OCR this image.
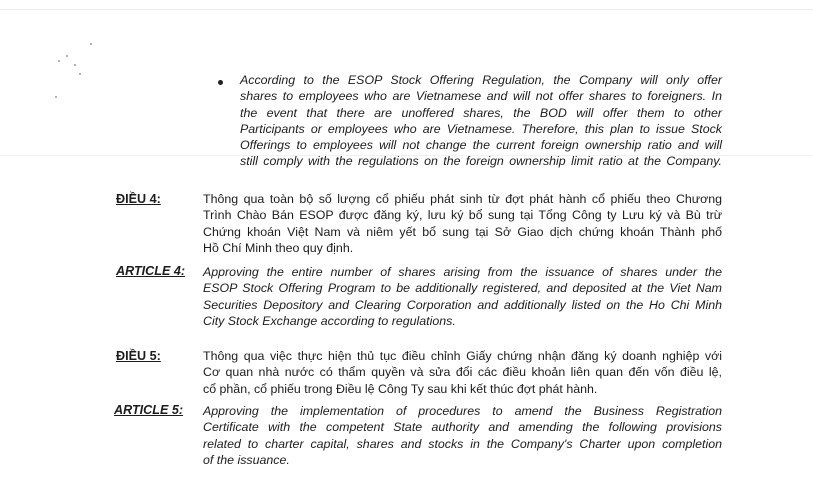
According to the ESOP Stock Offering Regulation, the Company will only offer
shares to employees who are Vietnamese and will not offer shares to foreigners. In
the event that there are unoffered shares, the BOD will offer them to other
Participants or employees who are Vietnamese. Therefore, this plan to issue Stock
Offerings to employees will not change the current foreign ownership ratio and will
still comply with the regulations on the foreign ownership limit ratio at the Company.
ĐIỀU 4:	Thông qua toàn bộ số lượng cổ phiếu phát sinh từ đợt phát hành cổ phiếu theo Chương
Trình Chào Bán ESOP được đăng ký, lưu ký bổ sung tại Tổng Công ty Lưu ký và Bù trừ
Chứng khoán Việt Nam và niêm yết bổ sung tại Sở Giao dịch chứng khoán Thành phố
Hồ Chí Minh theo quy định.
ARTICLE 4: Approving the entire number of shares arising from the issuance of shares under the
ESOP Stock Offering Program to be additionally registered, and deposited at the Viet Nam
Securities Depository and Clearing Corporation and additionally listed on the Ho Chi Minh
City Stock Exchange according to regulations.
ĐIỀU 5:	Thông qua việc thực hiện thủ tục điều chỉnh Giấy chứng nhận đăng ký doanh nghiệp với
Cơ quan nhà nước có thẩm quyền và sửa đổi các điều khoản liên quan đến vốn điều lệ,
cổ phần, cổ phiếu trong Điều lệ Công Ty sau khi kết thúc đợt phát hành.
ARTICLE 5: Approving the implementation of procedures to amend the Business Registration
Certificate with the competent State authority and amending the following provisions
related to charter capital, shares and stocks in the Company's Charter upon completion
of the issuance.
